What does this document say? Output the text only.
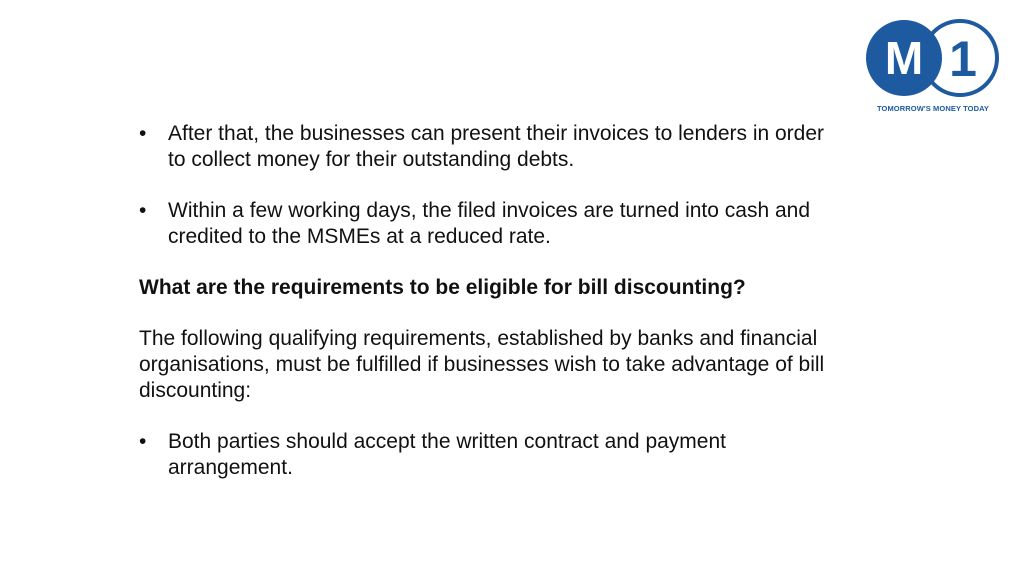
M 1
TOMORROW'S MONEY TODAY
• After that, the businesses can present their invoices to lenders in order to collect money for their outstanding debts.
• Within a few working days, the filed invoices are turned into cash and credited to the MSMEs at a reduced rate.
What are the requirements to be eligible for bill discounting?
The following qualifying requirements, established by banks and financial organisations, must be fulfilled if businesses wish to take advantage of bill discounting:
• Both parties should accept the written contract and payment arrangement.
